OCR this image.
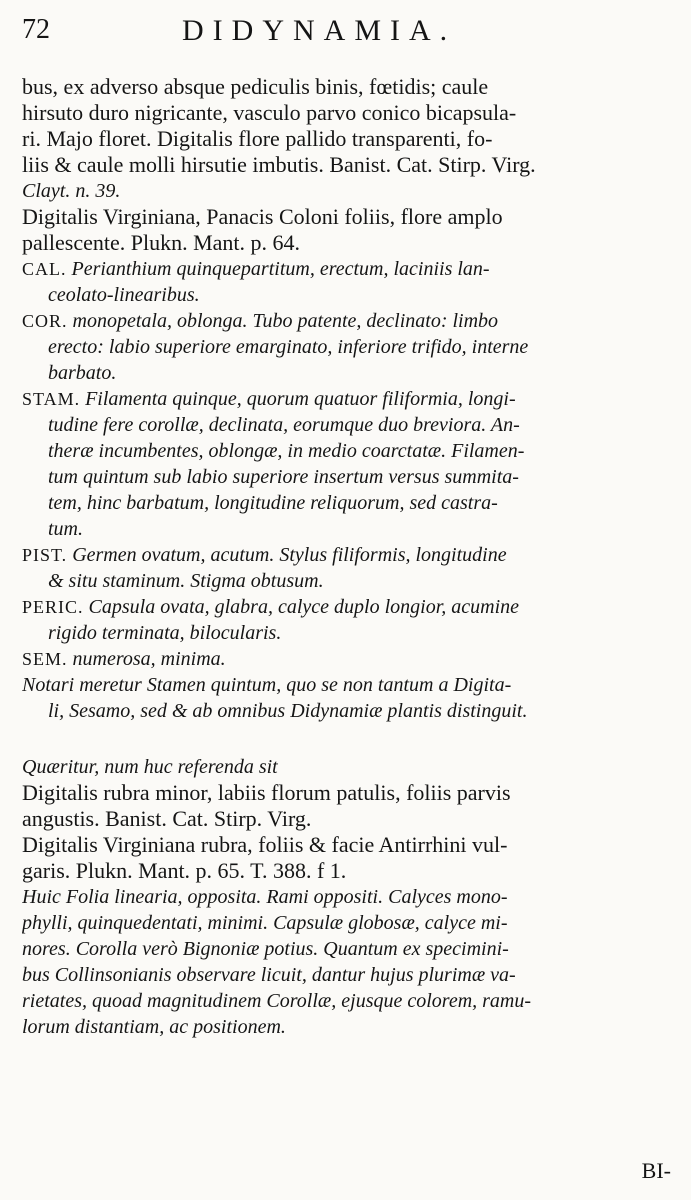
72	DIDYNAMIA.
bus, ex adverso absque pediculis binis, fœtidis; caule
hirsuto duro nigricante, vasculo parvo conico bicapsula-
ri. Majo floret. Digitalis flore pallido transparenti, fo-
liis & caule molli hirsutie imbutis. Banist. Cat. Stirp. Virg.
Clayt. n. 39.
Digitalis Virginiana, Panacis Coloni foliis, flore amplo
pallescente. Plukn. Mant. p. 64.
CAL. Perianthium quinquepartitum, erectum, laciniis lan-
ceolato-linearibus.
COR. monopetala, oblonga. Tubo patente, declinato: limbo
erecto: labio superiore emarginato, inferiore trifido, interne
barbato.
STAM. Filamenta quinque, quorum quatuor filiformia, longi-
tudine fere corollæ, declinata, eorumque duo breviora. An-
theræ incumbentes, oblongæ, in medio coarctatæ. Filamen-
tum quintum sub labio superiore insertum versus summita-
tem, hinc barbatum, longitudine reliquorum, sed castra-
tum.
PIST. Germen ovatum, acutum. Stylus filiformis, longitudine
& situ staminum. Stigma obtusum.
PERIC. Capsula ovata, glabra, calyce duplo longior, acumine
rigido terminata, bilocularis.
SEM. numerosa, minima.
Notari meretur Stamen quintum, quo se non tantum a Digita-
li, Sesamo, sed & ab omnibus Didynamiæ plantis distinguit.
Quæritur, num huc referenda sit
Digitalis rubra minor, labiis florum patulis, foliis parvis
angustis. Banist. Cat. Stirp. Virg.
Digitalis Virginiana rubra, foliis & facie Antirrhini vul-
garis. Plukn. Mant. p. 65. T. 388. f 1.
Huic Folia linearia, opposita. Rami oppositi. Calyces mono-
phylli, quinquedentati, minimi. Capsulæ globosæ, calyce mi-
nores. Corolla verò Bignoniæ potius. Quantum ex specimini-
bus Collinsonianis observare licuit, dantur hujus plurimæ va-
rietates, quoad magnitudinem Corollæ, ejusque colorem, ramu-
lorum distantiam, ac positionem.
BI-
